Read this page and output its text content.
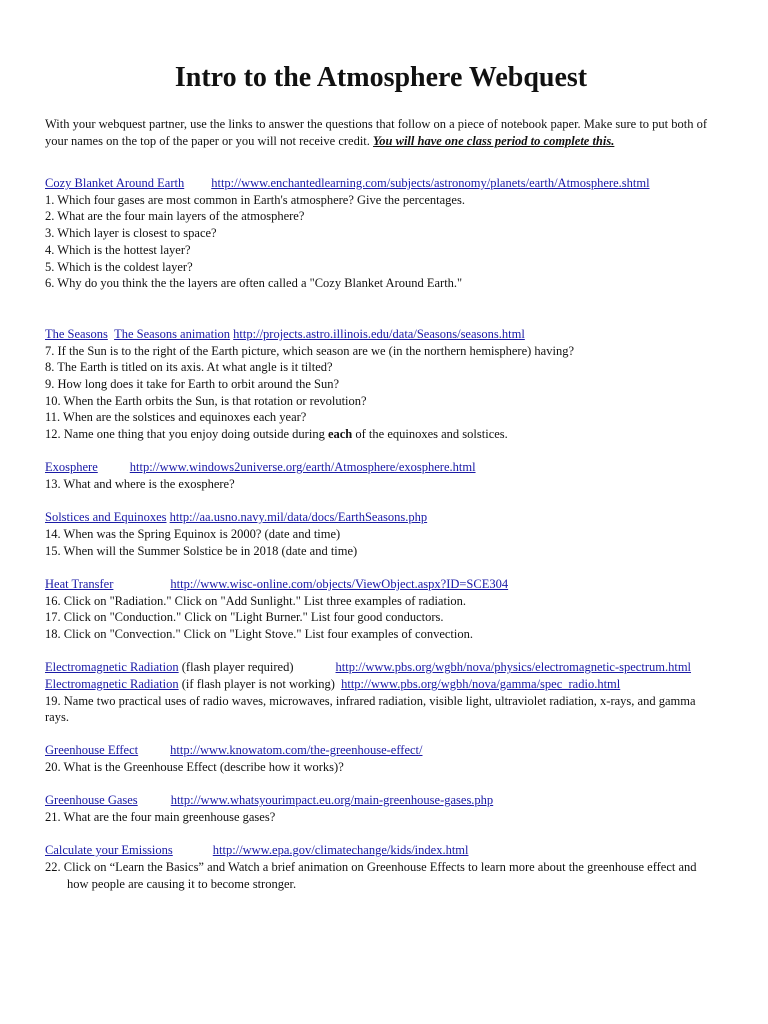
Intro to the Atmosphere Webquest

With your webquest partner, use the links to answer the questions that follow on a piece of notebook paper. Make sure to put both of your names on the top of the paper or you will not receive credit. You will have one class period to complete this.

Cozy Blanket Around Earth http://www.enchantedlearning.com/subjects/astronomy/planets/earth/Atmosphere.shtml

1. Which four gases are most common in Earth's atmosphere? Give the percentages.

2. What are the four main layers of the atmosphere?

3. Which layer is closest to space?

4. Which is the hottest layer?

5. Which is the coldest layer?

6. Why do you think the the layers are often called a "Cozy Blanket Around Earth."

The Seasons The Seasons animation http://projects.astro.illinois.edu/data/Seasons/seasons.html

7. If the Sun is to the right of the Earth picture, which season are we (in the northern hemisphere) having?

8. The Earth is titled on its axis. At what angle is it tilted?

9. How long does it take for Earth to orbit around the Sun?

10. When the Earth orbits the Sun, is that rotation or revolution?

11. When are the solstices and equinoxes each year?

12. Name one thing that you enjoy doing outside during each of the equinoxes and solstices.

Exosphere	http://www.windows2universe.org/earth/Atmosphere/exosphere.html

13. What and where is the exosphere?

Solstices and Equinoxes http://aa.usno.navy.mil/data/docs/EarthSeasons.php

14. When was the Spring Equinox is 2000? (date and time)

15. When will the Summer Solstice be in 2018 (date and time)

Heat Transfer	http://www.wisc-online.com/objects/ViewObject.aspx?ID=SCE304

16. Click on "Radiation." Click on "Add Sunlight." List three examples of radiation.

17. Click on "Conduction." Click on "Light Burner." List four good conductors.

18. Click on "Convection." Click on "Light Stove." List four examples of convection.

Electromagnetic Radiation (flash player required)	http://www.pbs.org/wgbh/nova/physics/electromagnetic-spectrum.html
Electromagnetic Radiation (if flash player is not working)  http://www.pbs.org/wgbh/nova/gamma/spec_radio.html

19. Name two practical uses of radio waves, microwaves, infrared radiation, visible light, ultraviolet radiation, x-rays, and gamma rays.

Greenhouse Effect	http://www.knowatom.com/the-greenhouse-effect/

20. What is the Greenhouse Effect (describe how it works)?

Greenhouse Gases	http://www.whatsyourimpact.eu.org/main-greenhouse-gases.php

21. What are the four main greenhouse gases?

Calculate your Emissions	http://www.epa.gov/climatechange/kids/index.html

22. Click on “Learn the Basics” and Watch a brief animation on Greenhouse Effects to learn more about the greenhouse effect and how people are causing it to become stronger.
